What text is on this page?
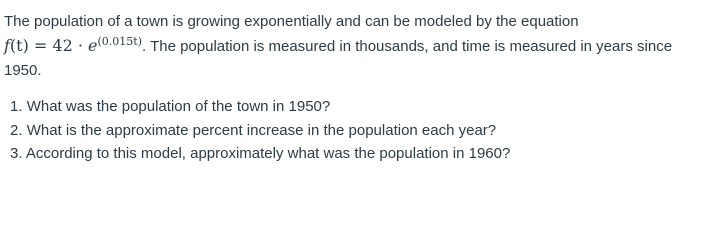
The population of a town is growing exponentially and can be modeled by the equation
$f(t) = 42 \cdot e^{(0.015t)}$. The population is measured in thousands, and time is measured in years since
1950.
1. What was the population of the town in 1950?
2. What is the approximate percent increase in the population each year?
3. According to this model, approximately what was the population in 1960?
